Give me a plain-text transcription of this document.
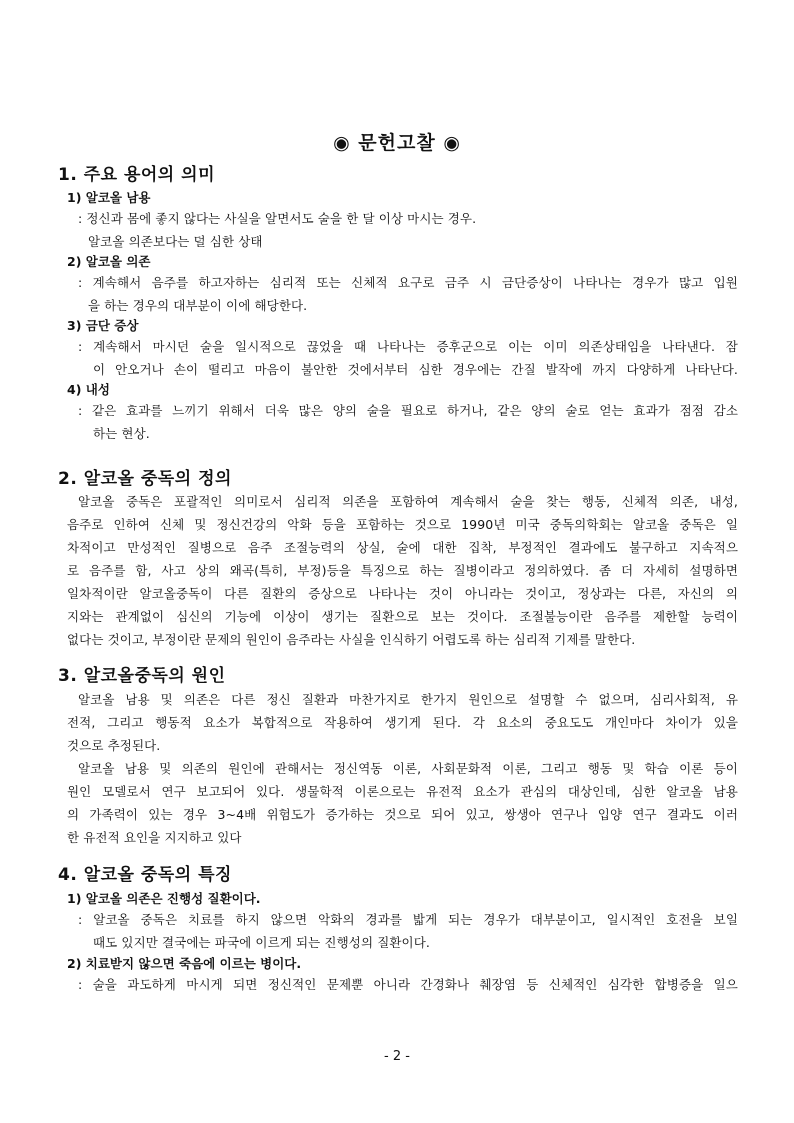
◉ 문헌고찰 ◉
1. 주요 용어의 의미
1) 알코올 남용
: 정신과 몸에 좋지 않다는 사실을 알면서도 술을 한 달 이상 마시는 경우.
알코올 의존보다는 덜 심한 상태
2) 알코올 의존
: 계속해서 음주를 하고자하는 심리적 또는 신체적 요구로 금주 시 금단증상이 나타나는 경우가 많고 입원
을 하는 경우의 대부분이 이에 해당한다.
3) 금단 증상
: 계속해서 마시던 술을 일시적으로 끊었을 때 나타나는 증후군으로 이는 이미 의존상태임을 나타낸다. 잠
이 안오거나 손이 떨리고 마음이 불안한 것에서부터 심한 경우에는 간질 발작에 까지 다양하게 나타난다.
4) 내성
: 같은 효과를 느끼기 위해서 더욱 많은 양의 술을 필요로 하거나, 같은 양의 술로 얻는 효과가 점점 감소
하는 현상.
2. 알코올 중독의 정의
알코올 중독은 포괄적인 의미로서 심리적 의존을 포함하여 계속해서 술을 찾는 행동, 신체적 의존, 내성,
음주로 인하여 신체 및 정신건강의 악화 등을 포함하는 것으로 1990년 미국 중독의학회는 알코올 중독은 일
차적이고 만성적인 질병으로 음주 조절능력의 상실, 술에 대한 집착, 부정적인 결과에도 불구하고 지속적으
로 음주를 함, 사고 상의 왜곡(특히, 부정)등을 특징으로 하는 질병이라고 정의하였다. 좀 더 자세히 설명하면
일차적이란 알코올중독이 다른 질환의 증상으로 나타나는 것이 아니라는 것이고, 정상과는 다른, 자신의 의
지와는 관계없이 심신의 기능에 이상이 생기는 질환으로 보는 것이다. 조절불능이란 음주를 제한할 능력이
없다는 것이고, 부정이란 문제의 원인이 음주라는 사실을 인식하기 어렵도록 하는 심리적 기제를 말한다.
3. 알코올중독의 원인
알코올 남용 및 의존은 다른 정신 질환과 마찬가지로 한가지 원인으로 설명할 수 없으며, 심리사회적, 유
전적, 그리고 행동적 요소가 복합적으로 작용하여 생기게 된다. 각 요소의 중요도도 개인마다 차이가 있을
것으로 추정된다.
알코올 남용 및 의존의 원인에 관해서는 정신역동 이론, 사회문화적 이론, 그리고 행동 및 학습 이론 등이
원인 모델로서 연구 보고되어 있다. 생물학적 이론으로는 유전적 요소가 관심의 대상인데, 심한 알코올 남용
의 가족력이 있는 경우 3~4배 위험도가 증가하는 것으로 되어 있고, 쌍생아 연구나 입양 연구 결과도 이러
한 유전적 요인을 지지하고 있다
4. 알코올 중독의 특징
1) 알코올 의존은 진행성 질환이다.
: 알코올 중독은 치료를 하지 않으면 악화의 경과를 밟게 되는 경우가 대부분이고, 일시적인 호전을 보일
때도 있지만 결국에는 파국에 이르게 되는 진행성의 질환이다.
2) 치료받지 않으면 죽음에 이르는 병이다.
: 술을 과도하게 마시게 되면 정신적인 문제뿐 아니라 간경화나 췌장염 등 신체적인 심각한 합병증을 일으
- 2 -
